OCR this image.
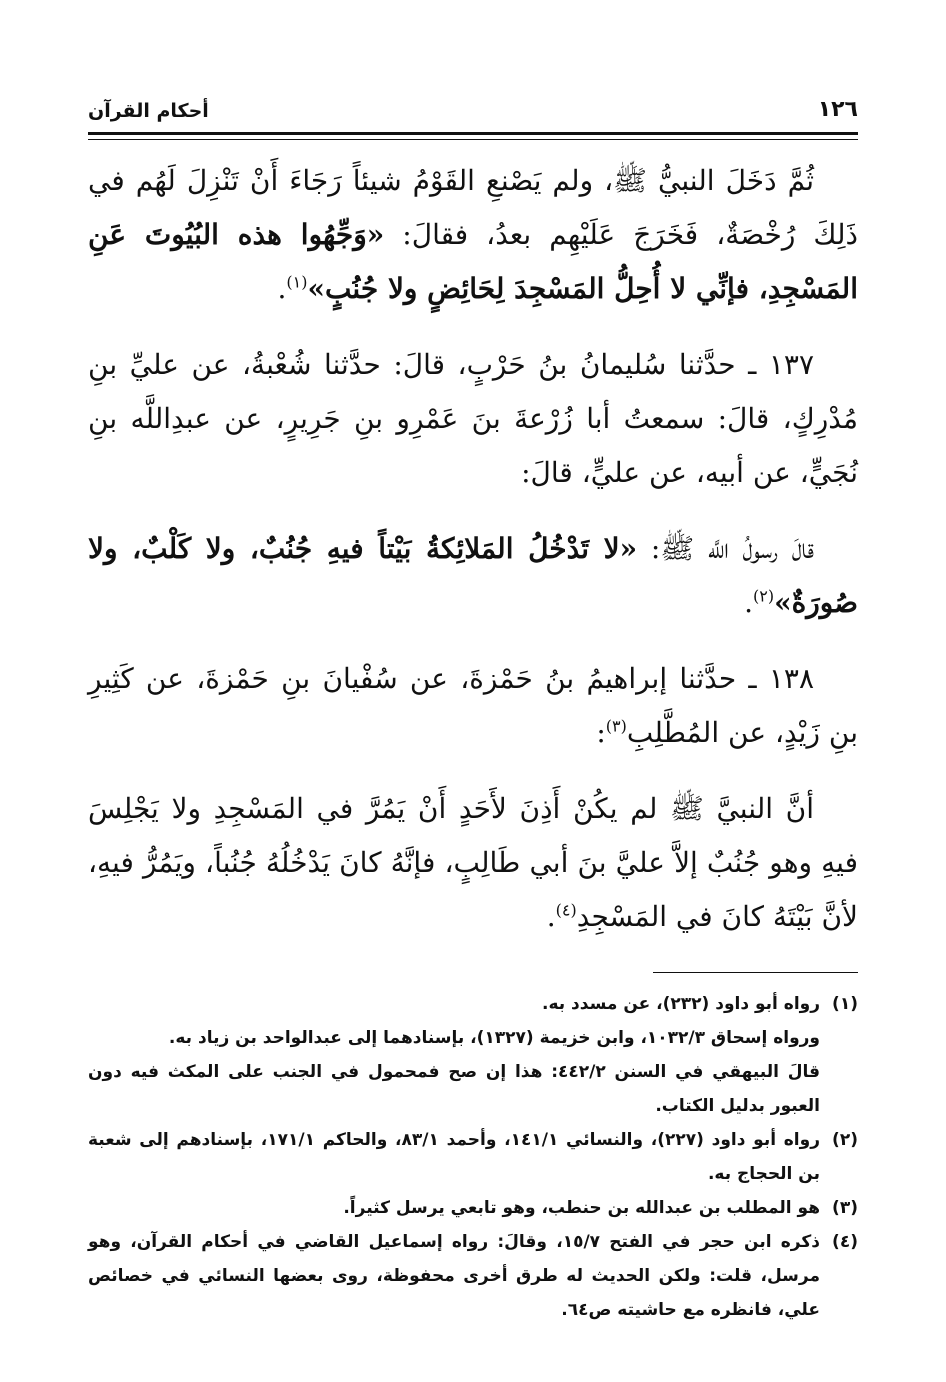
١٢٦
أحكام القرآن

ثُمَّ دَخَلَ النبيُّ ﷺ، ولم يَصْنعِ القَوْمُ شيئاً رَجَاءَ أَنْ تَنْزِلَ لَهُم في ذَلِكَ رُخْصَةٌ، فَخَرَجَ عَلَيْهِم بعدُ، فقالَ: «وَجِّهُوا هذه البُيُوتَ عَنِ المَسْجِدِ، فإنِّي لا أُحِلُّ المَسْجِدَ لِحَائِضٍ ولا جُنُبٍ»$^{(١)}$.

١٣٧ ـ حدَّثنا سُليمانُ بنُ حَرْبٍ، قالَ: حدَّثنا شُعْبةُ، عن عليِّ بنِ مُدْرِكٍ، قالَ: سمعتُ أبا زُرْعةَ بنَ عَمْرِو بنِ جَرِيرٍ، عن عبدِاللَّه بنِ نُجَيٍّ، عن أبيه، عن عليٍّ، قالَ:

قالَ رسولُ اللَّه ﷺ: «لا تَدْخُلُ المَلائِكةُ بَيْتاً فيهِ جُنُبٌ، ولا كَلْبٌ، ولا صُورَةٌ»$^{(٢)}$.

١٣٨ ـ حدَّثنا إبراهيمُ بنُ حَمْزةَ، عن سُفْيانَ بنِ حَمْزةَ، عن كَثِيرِ بنِ زَيْدٍ، عن المُطَّلِبِ$^{(٣)}$:

أنَّ النبيَّ ﷺ لم يكُنْ أَذِنَ لأَحَدٍ أَنْ يَمُرَّ في المَسْجِدِ ولا يَجْلِسَ فيهِ وهو جُنُبٌ إلاَّ عليَّ بنَ أبي طَالِبٍ، فإنَّهُ كانَ يَدْخُلُهُ جُنُباً، ويَمُرُّ فيهِ، لأنَّ بَيْتَهُ كانَ في المَسْجِدِ$^{(٤)}$.

(١)

رواه أبو داود (٢٣٢)، عن مسدد به.

ورواه إسحاق ١٠٣٢/٣، وابن خزيمة (١٣٢٧)، بإسنادهما إلى عبدالواحد بن زياد به.

قالَ البيهقي في السنن ٤٤٢/٢: هذا إن صح فمحمول في الجنب على المكث فيه دون العبور بدليل الكتاب.

(٢)

رواه أبو داود (٢٢٧)، والنسائي ١٤١/١، وأحمد ٨٣/١، والحاكم ١٧١/١، بإسنادهم إلى شعبة بن الحجاج به.

(٣)

هو المطلب بن عبدالله بن حنطب، وهو تابعي يرسل كثيراً.

(٤)

ذكره ابن حجر في الفتح ١٥/٧، وقالَ: رواه إسماعيل القاضي في أحكام القرآن، وهو مرسل، قلت: ولكن الحديث له طرق أخرى محفوظة، روى بعضها النسائي في خصائص علي، فانظره مع حاشيته ص٦٤.
